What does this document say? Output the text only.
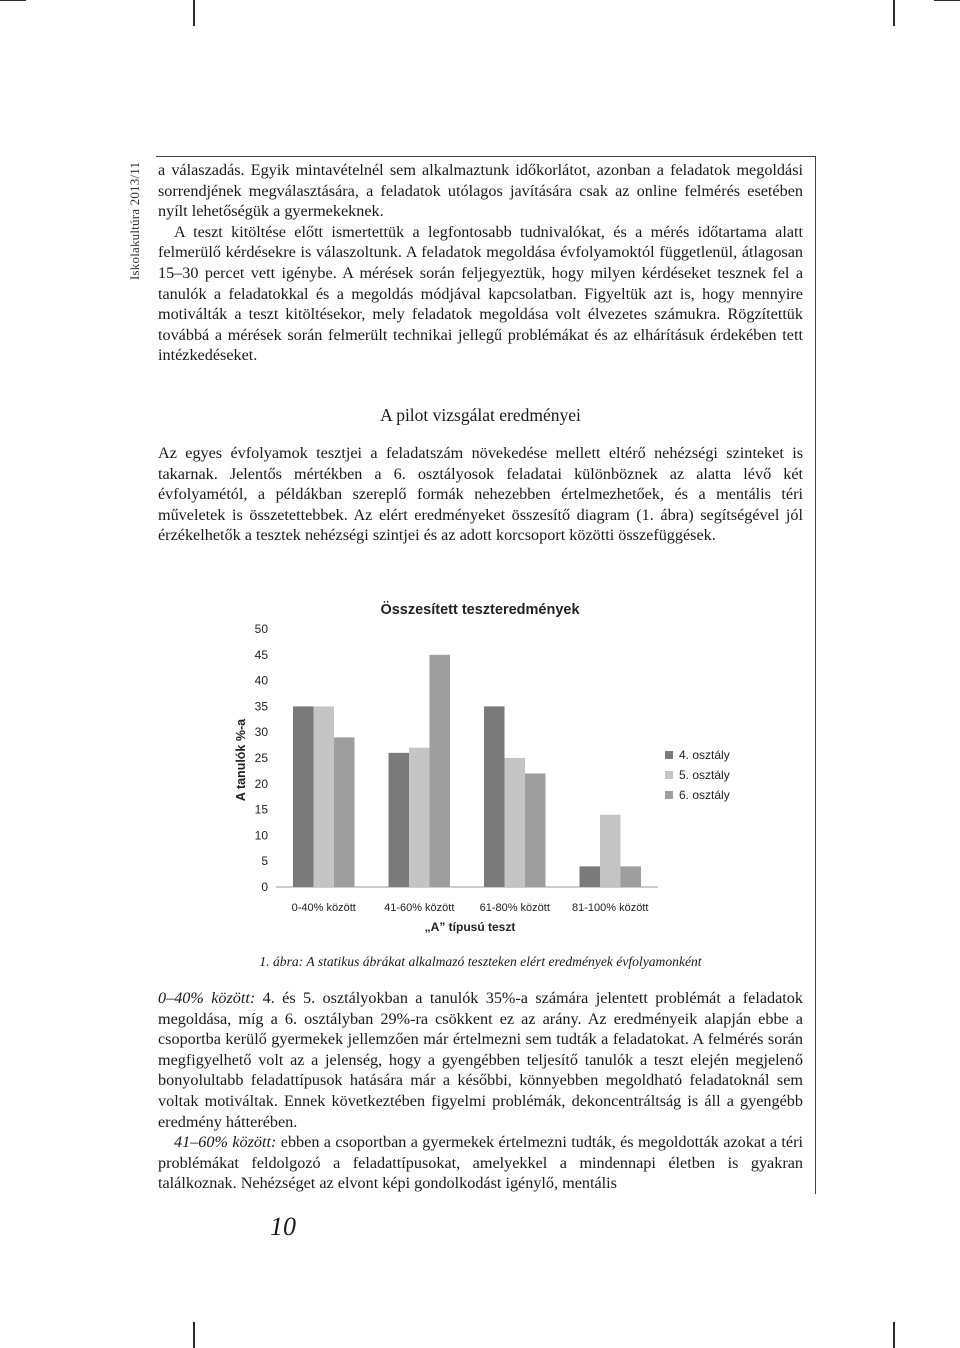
Iskolakultúra 2013/11 a válaszadás. Egyik mintavételnél sem alkalmaztunk időkorlátot, azonban a feladatok megoldási sorrendjének megválasztására, a feladatok utólagos javítására csak az online felmérés esetében nyílt lehetőségük a gyermekeknek.

A teszt kitöltése előtt ismertettük a legfontosabb tudnivalókat, és a mérés időtartama alatt felmerülő kérdésekre is válaszoltunk. A feladatok megoldása évfolyamoktól függetlenül, átlagosan 15–30 percet vett igénybe. A mérések során feljegyeztük, hogy milyen kérdéseket tesznek fel a tanulók a feladatokkal és a megoldás módjával kapcsolatban. Figyeltük azt is, hogy mennyire motiválták a teszt kitöltésekor, mely feladatok megoldása volt élvezetes számukra. Rögzítettük továbbá a mérések során felmerült technikai jellegű problémákat és az elhárításuk érdekében tett intézkedéseket.

A pilot vizsgálat eredményei

Az egyes évfolyamok tesztjei a feladatszám növekedése mellett eltérő nehézségi szinteket is takarnak. Jelentős mértékben a 6. osztályosok feladatai különböznek az alatta lévő két évfolyamétól, a példákban szereplő formák nehezebben értelmezhetőek, és a mentális téri műveletek is összetettebbek. Az elért eredményeket összesítő diagram (1. ábra) segítségével jól érzékelhetők a tesztek nehézségi szintjei és az adott korcsoport közötti összefüggések.

Összesített teszteredmények
0
5
10
15
20
25
30
35
40
45
50
A tanulók %-a
0-40% között	41-60% között 61-80% között 81-100% között
„A” típusú teszt
4. osztály
5. osztály
6. osztály
1. ábra: A statikus ábrákat alkalmazó teszteken elért eredmények évfolyamonként

0–40% között: 4. és 5. osztályokban a tanulók 35%-a számára jelentett problémát a feladatok megoldása, míg a 6. osztályban 29%-ra csökkent ez az arány. Az eredményeik alapján ebbe a csoportba kerülő gyermekek jellemzően már értelmezni sem tudták a feladatokat. A felmérés során megfigyelhető volt az a jelenség, hogy a gyengébben teljesítő tanulók a teszt elején megjelenő bonyolultabb feladattípusok hatására már a későbbi, könnyebben megoldható feladatoknál sem voltak motiváltak. Ennek következtében figyelmi problémák, dekoncentráltság is áll a gyengébb eredmény hátterében.

41–60% között: ebben a csoportban a gyermekek értelmezni tudták, és megoldották azokat a téri problémákat feldolgozó a feladattípusokat, amelyekkel a mindennapi életben is gyakran találkoznak. Nehézséget az elvont képi gondolkodást igénylő, mentális

10
